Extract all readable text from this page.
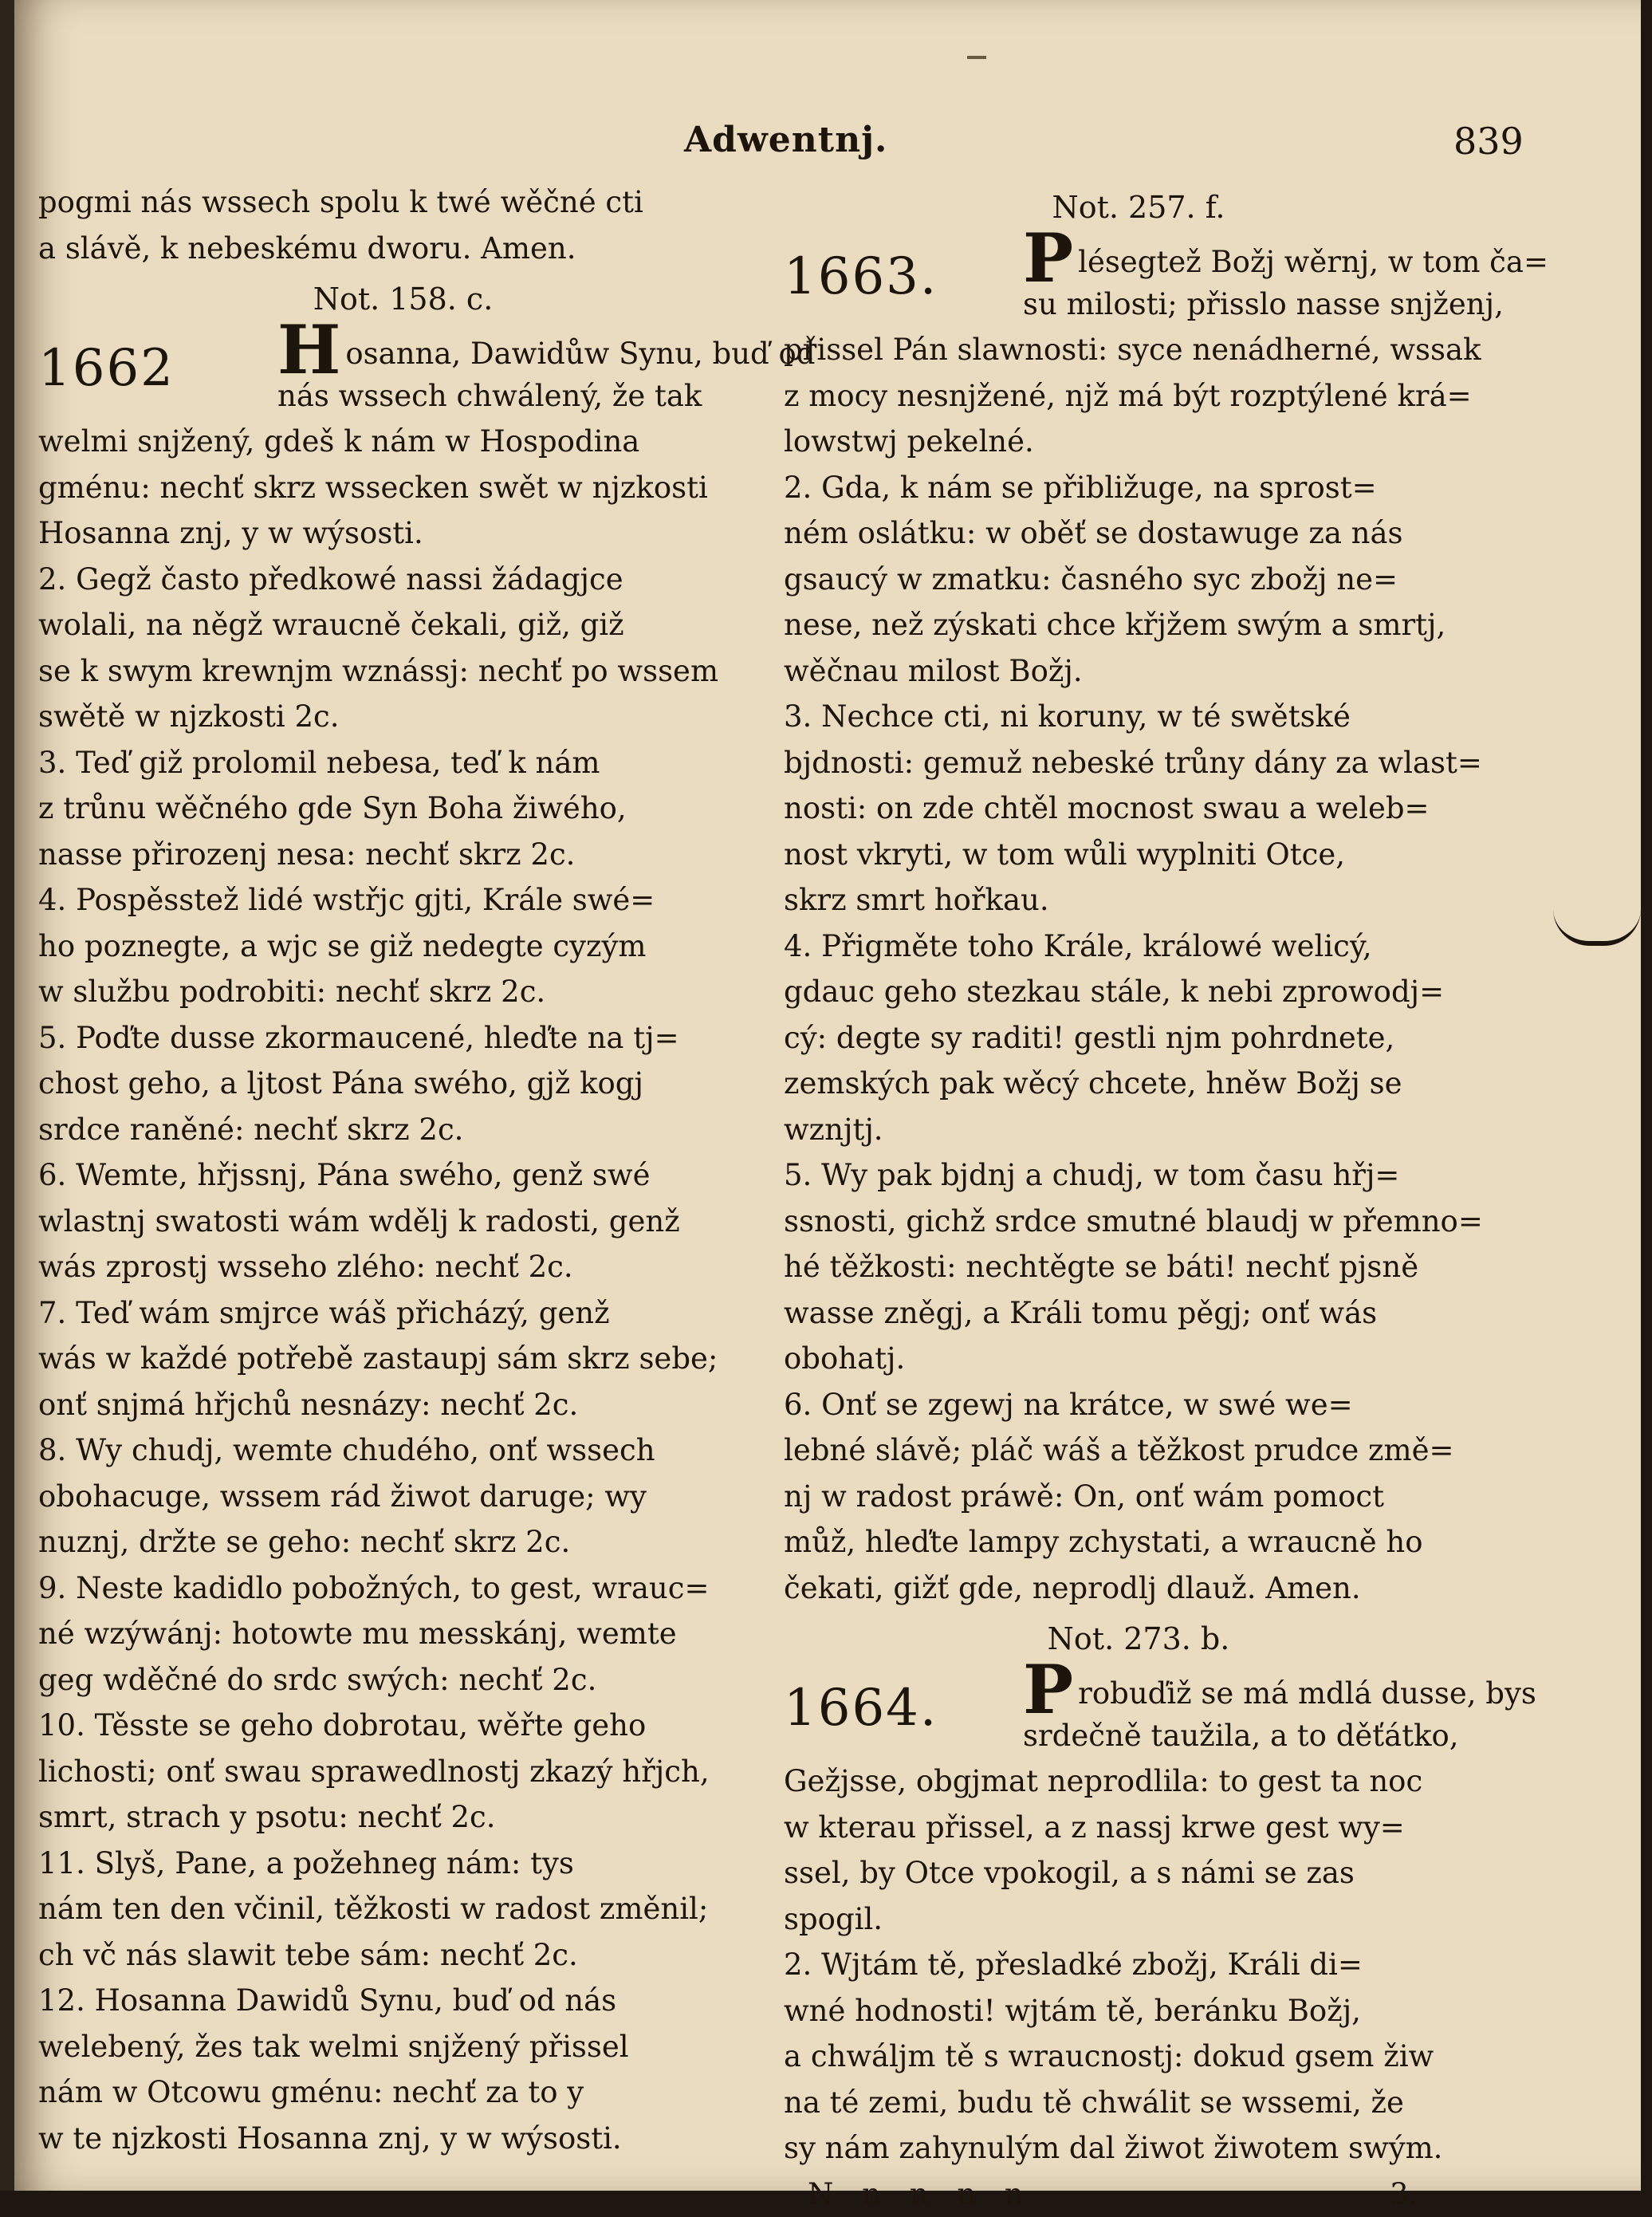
Adwentnj.	839
pogmi nás wssech spolu k twé wěčné cti
a slávě, k nebeskému dworu. Amen.
Not. 158. c.
1662 Hosanna, Dawidůw Synu, buď od
nás wssech chwálený, že tak
welmi snjžený, gdeš k nám w Hospodina
gménu: nechť skrz wssecken swět w njzkosti
Hosanna znj, y w wýsosti.
2. Gegž často předkowé nassi žádagjce
wolali, na něgž wraucně čekali, giž, giž
se k swym krewnjm wznássj: nechť po wssem
swětě w njzkosti 2c.
3. Teď giž prolomil nebesa, teď k nám
z trůnu wěčného gde Syn Boha žiwého,
nasse přirozenj nesa: nechť skrz 2c.
4. Pospěsstež lidé wstřjc gjti, Krále swé=
ho poznegte, a wjc se giž nedegte cyzým
w službu podrobiti: nechť skrz 2c.
5. Poďte dusse zkormaucené, hleďte na tj=
chost geho, a ljtost Pána swého, gjž kogj
srdce raněné: nechť skrz 2c.
6. Wemte, hřjssnj, Pána swého, genž swé
wlastnj swatosti wám wdělj k radosti, genž
wás zprostj wsseho zlého: nechť 2c.
7. Teď wám smjrce wáš přicházý, genž
wás w každé potřebě zastaupj sám skrz sebe;
onť snjmá hřjchů nesnázy: nechť 2c.
8. Wy chudj, wemte chudého, onť wssech
obohacuge, wssem rád žiwot daruge; wy
nuznj, držte se geho: nechť skrz 2c.
9. Neste kadidlo pobožných, to gest, wrauc=
né wzýwánj: hotowte mu messkánj, wemte
geg wděčné do srdc swých: nechť 2c.
10. Těsste se geho dobrotau, wěřte geho
lichosti; onť swau sprawedlnostj zkazý hřjch,
smrt, strach y psotu: nechť 2c.
11. Slyš, Pane, a požehneg nám: tys
nám ten den včinil, těžkosti w radost změnil;
ch vč nás slawit tebe sám: nechť 2c.
12. Hosanna Dawidů Synu, buď od nás
welebený, žes tak welmi snjžený přissel
nám w Otcowu gménu: nechť za to y
w te njzkosti Hosanna znj, y w wýsosti.
Not. 257. f.
1663. Plésegtež Božj wěrnj, w tom ča=
su milosti; přisslo nasse snjženj,
přissel Pán slawnosti: syce nenádherné, wssak
z mocy nesnjžené, njž má být rozptýlené krá=
lowstwj pekelné.
2. Gda, k nám se přibližuge, na sprost=
ném oslátku: w oběť se dostawuge za nás
gsaucý w zmatku: časného syc zbožj ne=
nese, než zýskati chce křjžem swým a smrtj,
wěčnau milost Božj.
3. Nechce cti, ni koruny, w té swětské
bjdnosti: gemuž nebeské trůny dány za wlast=
nosti: on zde chtěl mocnost swau a weleb=
nost vkryti, w tom wůli wyplniti Otce,
skrz smrt hořkau.
4. Přigměte toho Krále, králowé welicý,
gdauc geho stezkau stále, k nebi zprowodj=
cý: degte sy raditi! gestli njm pohrdnete,
zemských pak wěcý chcete, hněw Božj se
wznjtj.
5. Wy pak bjdnj a chudj, w tom času hřj=
ssnosti, gichž srdce smutné blaudj w přemno=
hé těžkosti: nechtěgte se báti! nechť pjsně
wasse zněgj, a Králi tomu pěgj; onť wás
obohatj.
6. Onť se zgewj na krátce, w swé we=
lebné slávě; pláč wáš a těžkost prudce změ=
nj w radost práwě: On, onť wám pomoct
můž, hleďte lampy zchystati, a wraucně ho
čekati, gižť gde, neprodlj dlauž. Amen.
Not. 273. b.
1664. Probuďiž se má mdlá dusse, bys
srdečně taužila, a to děťátko,
Gežjsse, obgjmat neprodlila: to gest ta noc
w kterau přissel, a z nassj krwe gest wy=
ssel, by Otce vpokogil, a s námi se zas
spogil.
2. Wjtám tě, přesladké zbožj, Králi di=
wné hodnosti! wjtám tě, beránku Božj,
a chwáljm tě s wraucnostj: dokud gsem žiw
na té zemi, budu tě chwálit se wssemi, že
sy nám zahynulým dal žiwot žiwotem swým.
N n n n n	3.
